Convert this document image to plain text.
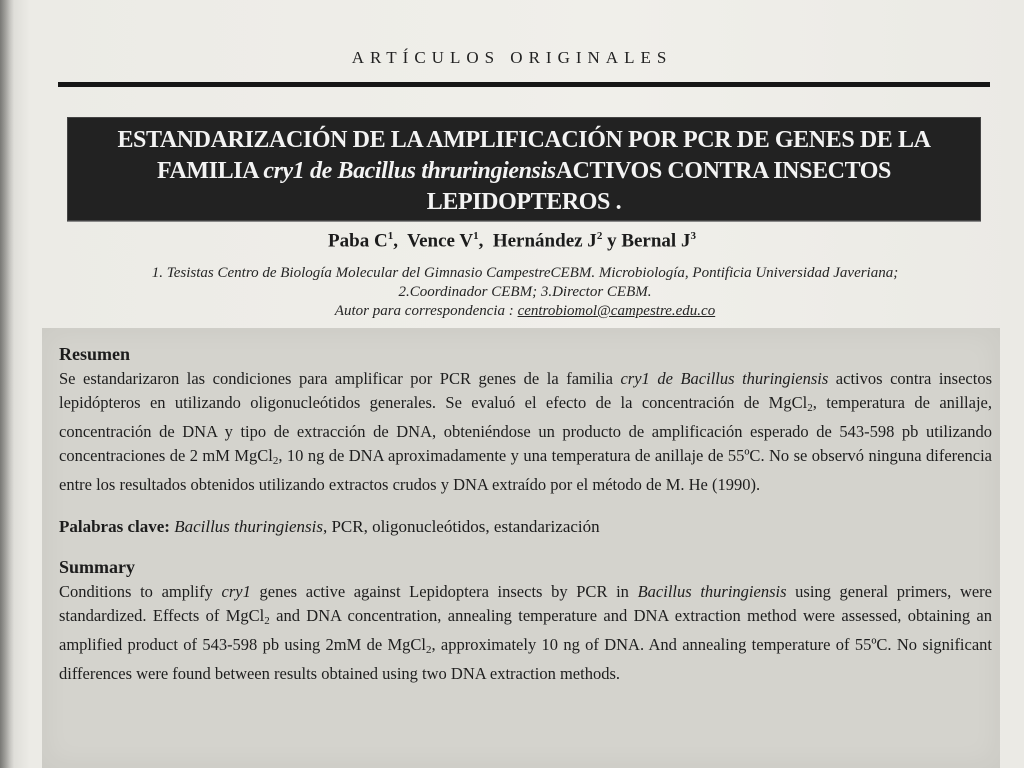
ARTÍCULOS ORIGINALES
ESTANDARIZACIÓN DE LA AMPLIFICACIÓN POR PCR DE GENES DE LA
FAMILIA cry1 de Bacillus thruringiensisACTIVOS CONTRA INSECTOS
LEPIDOPTEROS .
Paba $C^1$, Vence $V^1$, Hernández $J^2$ y Bernal $J^3$
1. Tesistas Centro de Biología Molecular del Gimnasio CampestreCEBM. Microbiología, Pontificia Universidad Javeriana;
2.Coordinador CEBM; 3.Director CEBM.
Autor para correspondencia : centrobiomol@campestre.edu.co
Resumen

Se estandarizaron las condiciones para amplificar por PCR genes de la familia cry1 de Bacillus thuringiensis activos contra insectos lepidópteros en utilizando oligonucleótidos generales. Se evaluó el efecto de la concentración de MgCl$_2$, temperatura de anillaje, concentración de DNA y tipo de extracción de DNA, obteniéndose un producto de amplificación esperado de 543-598 pb utilizando concentraciones de 2 mM MgCl$_2$, 10 ng de DNA aproximadamente y una temperatura de anillaje de 55ºC. No se observó ninguna diferencia entre los resultados obtenidos utilizando extractos crudos y DNA extraído por el método de M. He (1990).

Palabras clave: Bacillus thuringiensis, PCR, oligonucleótidos, estandarización
Summary

Conditions to amplify cry1 genes active against Lepidoptera insects by PCR in Bacillus thuringiensis using general primers, were standardized. Effects of MgCl$_2$ and DNA concentration, annealing temperature and DNA extraction method were assessed, obtaining an amplified product of 543-598 pb using 2mM de MgCl$_2$, approximately 10 ng of DNA. And annealing temperature of 55ºC. No significant differences were found between results obtained using two DNA extraction methods.
